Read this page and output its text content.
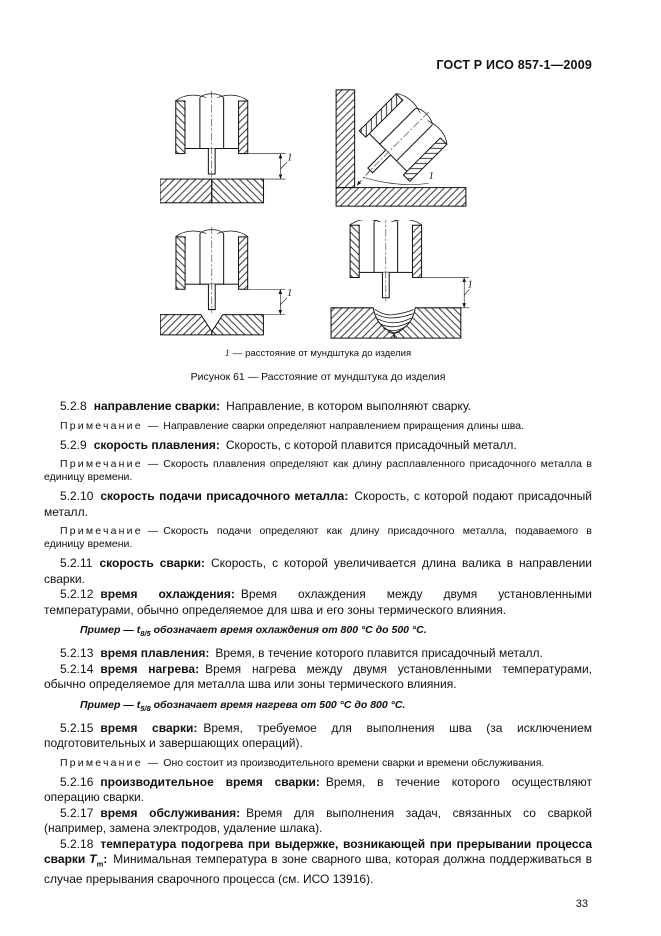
ГОСТ Р ИСО 857-1—2009
1
1
1
1
1 — расстояние от мундштука до изделия
Рисунок 61 — Расстояние от мундштука до изделия

5.2.8 направление сварки: Направление, в котором выполняют сварку.

Примечание — Направление сварки определяют направлением приращения длины шва.

5.2.9 скорость плавления: Скорость, с которой плавится присадочный металл.

Примечание — Скорость плавления определяют как длину расплавленного присадочного металла в единицу времени.

5.2.10 скорость подачи присадочного металла: Скорость, с которой подают присадочный металл.

Примечание — Скорость подачи определяют как длину присадочного металла, подаваемого в единицу времени.

5.2.11 скорость сварки: Скорость, с которой увеличивается длина валика в направлении сварки.

5.2.12 время охлаждения: Время охлаждения между двумя установленными температурами, обычно определяемое для шва и его зоны термического влияния.

Пример — $t_{8/5}$ обозначает время охлаждения от 800 °С до 500 °С.

5.2.13 время плавления: Время, в течение которого плавится присадочный металл.

5.2.14 время нагрева: Время нагрева между двумя установленными температурами, обычно определяемое для металла шва или зоны термического влияния.

Пример — $t_{5/8}$ обозначает время нагрева от 500 °С до 800 °С.

5.2.15 время сварки: Время, требуемое для выполнения шва (за исключением подготовительных и завершающих операций).

Примечание — Оно состоит из производительного времени сварки и времени обслуживания.

5.2.16 производительное время сварки: Время, в течение которого осуществляют операцию сварки.

5.2.17 время обслуживания: Время для выполнения задач, связанных со сваркой (например, замена электродов, удаление шлака).

5.2.18 температура подогрева при выдержке, возникающей при прерывании процесса сварки $Т_m$: Минимальная температура в зоне сварного шва, которая должна поддерживаться в случае прерывания сварочного процесса (см. ИСО 13916).

33
